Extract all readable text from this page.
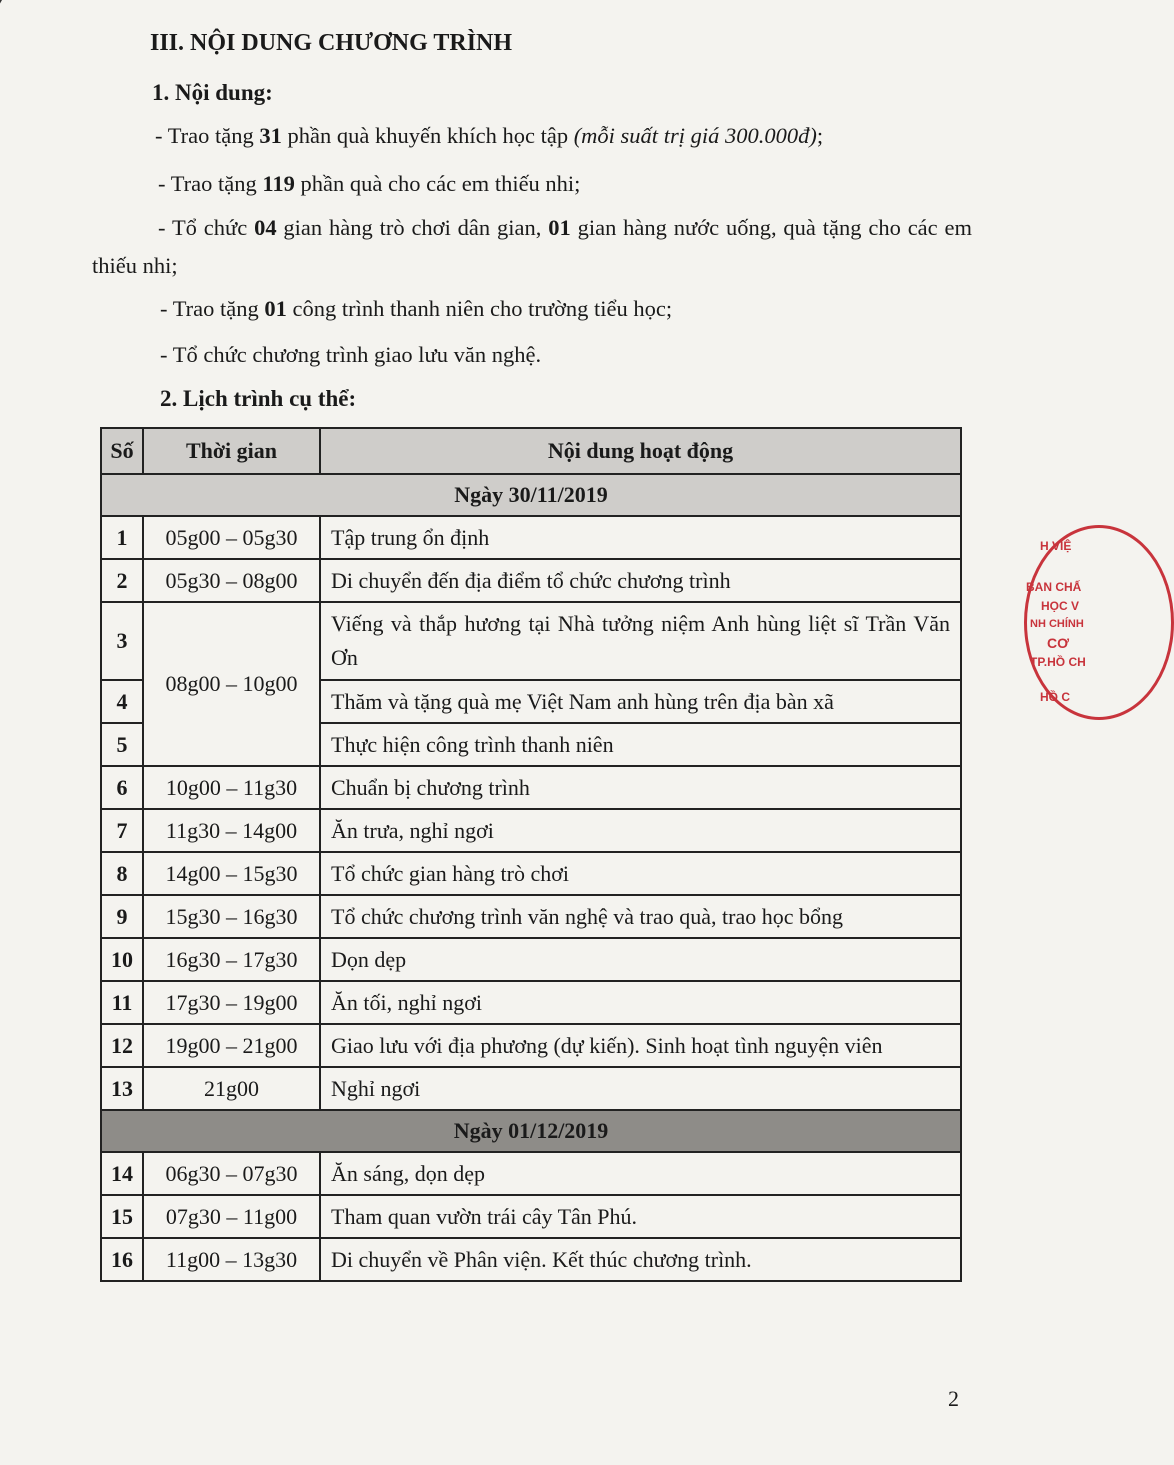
III. NỘI DUNG CHƯƠNG TRÌNH
1. Nội dung:
- Trao tặng 31 phần quà khuyến khích học tập (mỗi suất trị giá 300.000đ);
- Trao tặng 119 phần quà cho các em thiếu nhi;
- Tổ chức 04 gian hàng trò chơi dân gian, 01 gian hàng nước uống, quà tặng cho các em thiếu nhi;
- Trao tặng 01 công trình thanh niên cho trường tiểu học;
- Tổ chức chương trình giao lưu văn nghệ.
2. Lịch trình cụ thể:
Số	Thời gian	Nội dung hoạt động
Ngày 30/11/2019		
1	05g00 – 05g30	Tập trung ổn định
2	05g30 – 08g00	Di chuyển đến địa điểm tổ chức chương trình
3	08g00 – 10g00	Viếng và thắp hương tại Nhà tưởng niệm Anh hùng liệt sĩ Trần Văn Ơn
4		Thăm và tặng quà mẹ Việt Nam anh hùng trên địa bàn xã
5		Thực hiện công trình thanh niên
6	10g00 – 11g30	Chuẩn bị chương trình
7	11g30 – 14g00	Ăn trưa, nghỉ ngơi
8	14g00 – 15g30	Tổ chức gian hàng trò chơi
9	15g30 – 16g30	Tổ chức chương trình văn nghệ và trao quà, trao học bổng
10	16g30 – 17g30	Dọn dẹp
11	17g30 – 19g00	Ăn tối, nghỉ ngơi
12	19g00 – 21g00	Giao lưu với địa phương (dự kiến). Sinh hoạt tình nguyện viên
13	21g00	Nghỉ ngơi
Ngày 01/12/2019		
14	06g30 – 07g30	Ăn sáng, dọn dẹp
15	07g30 – 11g00	Tham quan vườn trái cây Tân Phú.
16	11g00 – 13g30	Di chuyển về Phân viện. Kết thúc chương trình.
2
H VIỆ
BAN CHẤ
HỌC V
NH CHÍNH
CƠ
TP.HỒ CH
HỒ C
